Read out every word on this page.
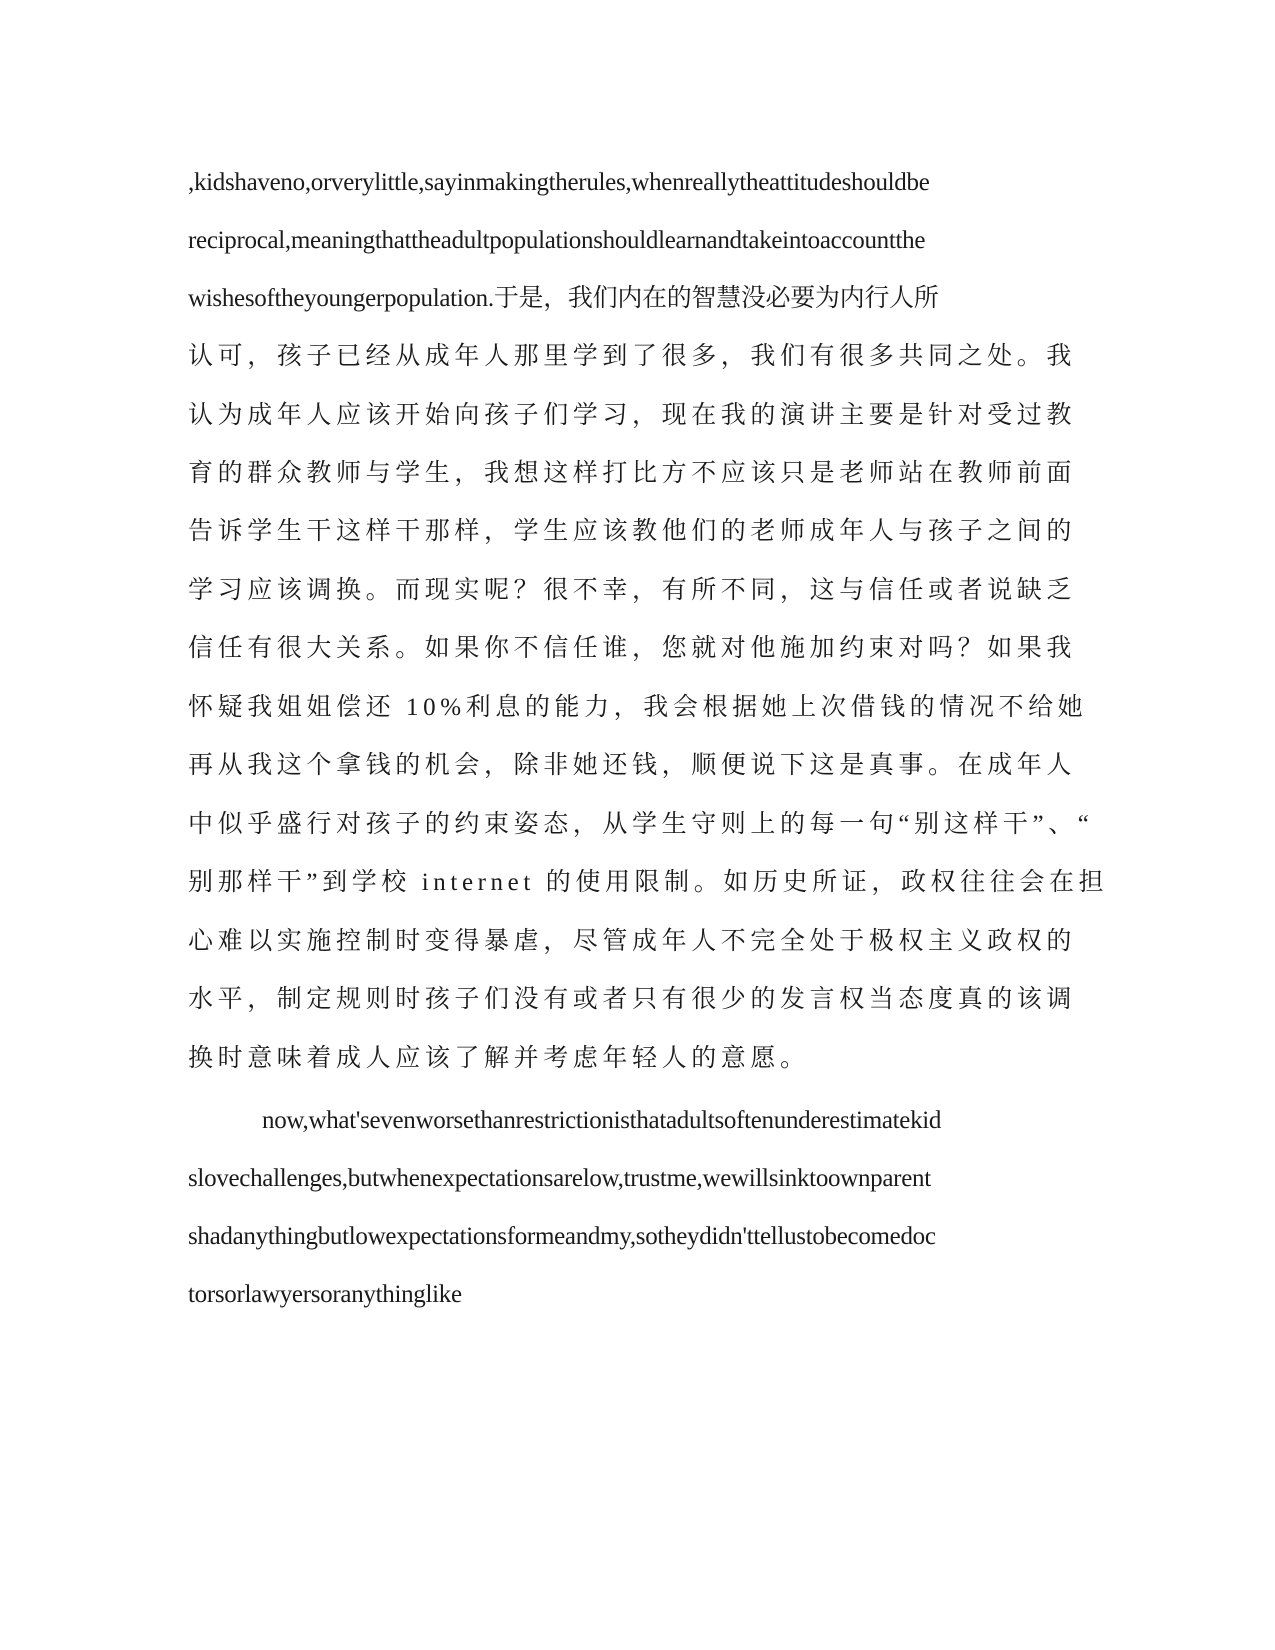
,kidshaveno,orverylittle,sayinmakingtherules,whenreallytheattitudeshouldbe
reciprocal,meaningthattheadultpopulationshouldlearnandtakeintoaccountthe
wishesoftheyoungerpopulation.于是，我们内在的智慧没必要为内行人所
认可，孩子已经从成年人那里学到了很多，我们有很多共同之处。我
认为成年人应该开始向孩子们学习，现在我的演讲主要是针对受过教
育的群众教师与学生，我想这样打比方不应该只是老师站在教师前面
告诉学生干这样干那样，学生应该教他们的老师成年人与孩子之间的
学习应该调换。而现实呢？很不幸，有所不同，这与信任或者说缺乏
信任有很大关系。如果你不信任谁，您就对他施加约束对吗？如果我
怀疑我姐姐偿还 10%利息的能力，我会根据她上次借钱的情况不给她
再从我这个拿钱的机会，除非她还钱，顺便说下这是真事。在成年人
中似乎盛行对孩子的约束姿态，从学生守则上的每一句“别这样干”、“
别那样干”到学校 internet 的使用限制。如历史所证，政权往往会在担
心难以实施控制时变得暴虐，尽管成年人不完全处于极权主义政权的
水平，制定规则时孩子们没有或者只有很少的发言权当态度真的该调
换时意味着成人应该了解并考虑年轻人的意愿。
now,what'sevenworsethanrestrictionisthatadultsoftenunderestimatekid
slovechallenges,butwhenexpectationsarelow,trustme,wewillsinktoownparent
shadanythingbutlowexpectationsformeandmy,sotheydidn'ttellustobecomedoc
torsorlawyersoranythinglike
